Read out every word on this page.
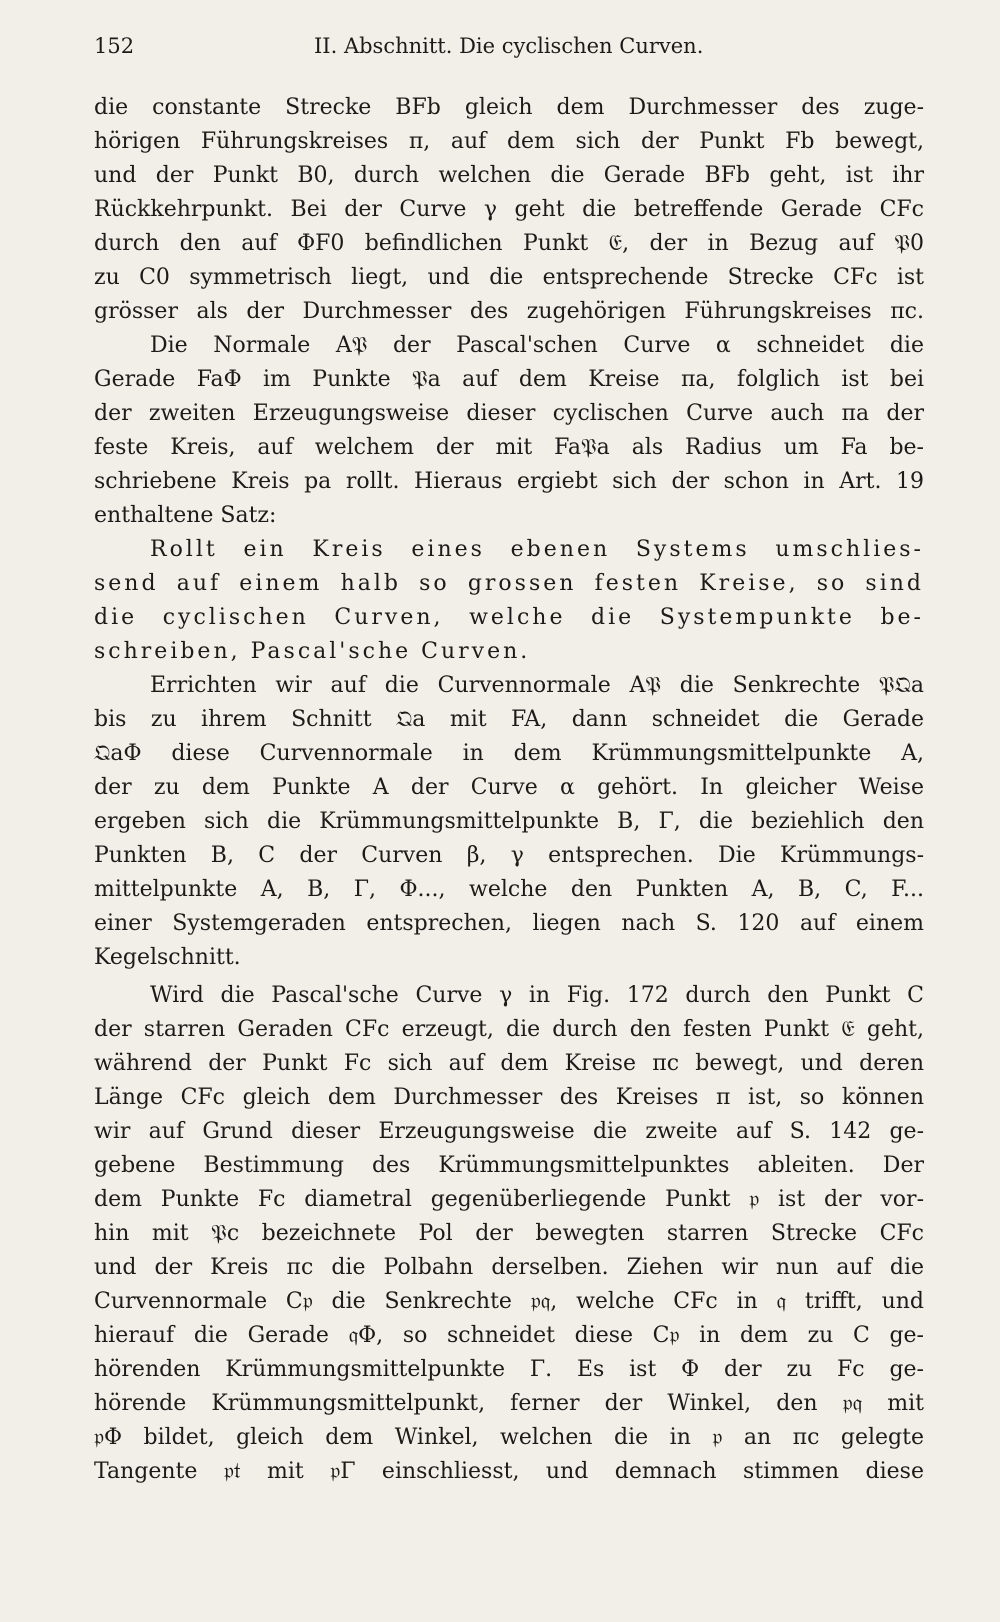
152	II. Abschnitt. Die cyclischen Curven.
die constante Strecke BFb gleich dem Durchmesser des zuge-
hörigen Führungskreises π, auf dem sich der Punkt Fb bewegt,
und der Punkt B0, durch welchen die Gerade BFb geht, ist ihr
Rückkehrpunkt. Bei der Curve γ geht die betreffende Gerade CFc
durch den auf ΦF0 befindlichen Punkt 𝔈, der in Bezug auf 𝔓0
zu C0 symmetrisch liegt, und die entsprechende Strecke CFc ist
grösser als der Durchmesser des zugehörigen Führungskreises πc.
Die Normale A𝔓 der Pascal'schen Curve α schneidet die
Gerade FaΦ im Punkte 𝔓a auf dem Kreise πa, folglich ist bei
der zweiten Erzeugungsweise dieser cyclischen Curve auch πa der
feste Kreis, auf welchem der mit Fa𝔓a als Radius um Fa be-
schriebene Kreis pa rollt. Hieraus ergiebt sich der schon in Art. 19
enthaltene Satz:
Rollt ein Kreis eines ebenen Systems umschlies-
send auf einem halb so grossen festen Kreise, so sind
die cyclischen Curven, welche die Systempunkte be-
schreiben, Pascal'sche Curven.
Errichten wir auf die Curvennormale A𝔓 die Senkrechte 𝔓𝔔a
bis zu ihrem Schnitt 𝔔a mit FA, dann schneidet die Gerade
𝔔aΦ diese Curvennormale in dem Krümmungsmittelpunkte A,
der zu dem Punkte A der Curve α gehört. In gleicher Weise
ergeben sich die Krümmungsmittelpunkte B, Γ, die beziehlich den
Punkten B, C der Curven β, γ entsprechen. Die Krümmungs-
mittelpunkte A, B, Γ, Φ..., welche den Punkten A, B, C, F...
einer Systemgeraden entsprechen, liegen nach S. 120 auf einem
Kegelschnitt.
Wird die Pascal'sche Curve γ in Fig. 172 durch den Punkt C
der starren Geraden CFc erzeugt, die durch den festen Punkt 𝔈 geht,
während der Punkt Fc sich auf dem Kreise πc bewegt, und deren
Länge CFc gleich dem Durchmesser des Kreises π ist, so können
wir auf Grund dieser Erzeugungsweise die zweite auf S. 142 ge-
gebene Bestimmung des Krümmungsmittelpunktes ableiten. Der
dem Punkte Fc diametral gegenüberliegende Punkt 𝔭 ist der vor-
hin mit 𝔓c bezeichnete Pol der bewegten starren Strecke CFc
und der Kreis πc die Polbahn derselben. Ziehen wir nun auf die
Curvennormale C𝔭 die Senkrechte 𝔭𝔮, welche CFc in 𝔮 trifft, und
hierauf die Gerade 𝔮Φ, so schneidet diese C𝔭 in dem zu C ge-
hörenden Krümmungsmittelpunkte Γ. Es ist Φ der zu Fc ge-
hörende Krümmungsmittelpunkt, ferner der Winkel, den 𝔭𝔮 mit
𝔭Φ bildet, gleich dem Winkel, welchen die in 𝔭 an πc gelegte
Tangente 𝔭𝔱 mit 𝔭Γ einschliesst, und demnach stimmen diese
